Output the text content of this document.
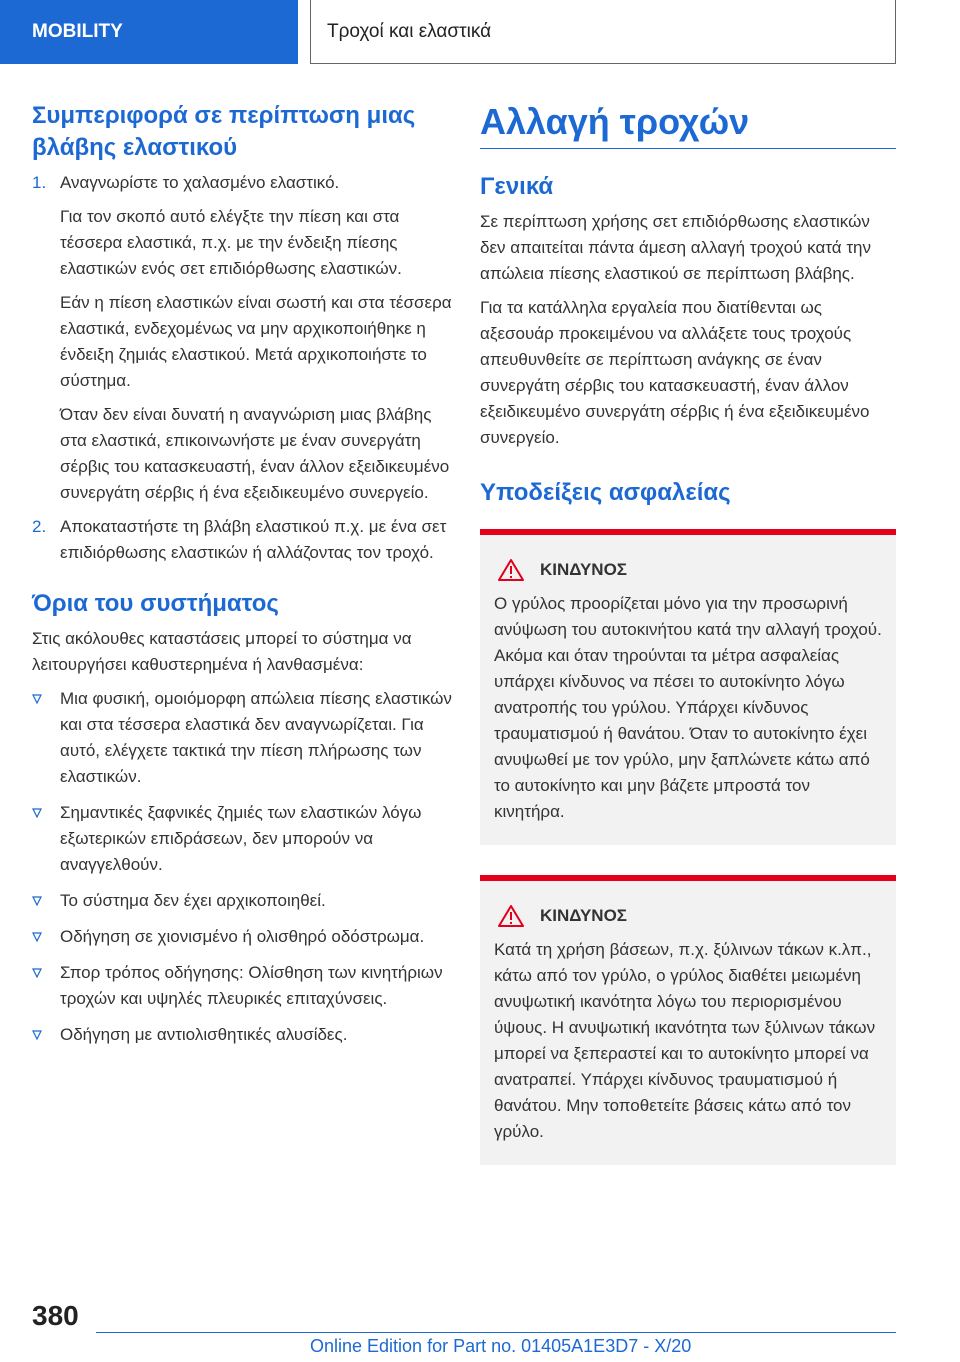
MOBILITY	Τροχοί και ελαστικά
Συμπεριφορά σε περίπτωση μιας βλάβης ελαστικού
1. Αναγνωρίστε το χαλασμένο ελαστικό.

Για τον σκοπό αυτό ελέγξτε την πίεση και στα τέσσερα ελαστικά, π.χ. με την ένδειξη πίεσης ελαστικών ενός σετ επιδιόρθωσης ελαστικών.

Εάν η πίεση ελαστικών είναι σωστή και στα τέσσερα ελαστικά, ενδεχομένως να μην αρχικοποιήθηκε η ένδειξη ζημιάς ελαστικού. Μετά αρχικοποιήστε το σύστημα.

Όταν δεν είναι δυνατή η αναγνώριση μιας βλάβης στα ελαστικά, επικοινωνήστε με έναν συνεργάτη σέρβις του κατασκευαστή, έναν άλλον εξειδικευμένο συνεργάτη σέρβις ή ένα εξειδικευμένο συνεργείο.

2. Αποκαταστήστε τη βλάβη ελαστικού π.χ. με ένα σετ επιδιόρθωσης ελαστικών ή αλλάζοντας τον τροχό.

Όρια του συστήματος

Στις ακόλουθες καταστάσεις μπορεί το σύστημα να λειτουργήσει καθυστερημένα ή λανθασμένα:

Μια φυσική, ομοιόμορφη απώλεια πίεσης ελαστικών και στα τέσσερα ελαστικά δεν αναγνωρίζεται. Για αυτό, ελέγχετε τακτικά την πίεση πλήρωσης των ελαστικών.
Σημαντικές ξαφνικές ζημιές των ελαστικών λόγω εξωτερικών επιδράσεων, δεν μπορούν να αναγγελθούν.
Το σύστημα δεν έχει αρχικοποιηθεί.
Οδήγηση σε χιονισμένο ή ολισθηρό οδόστρωμα.
Σπορ τρόπος οδήγησης: Ολίσθηση των κινητήριων τροχών και υψηλές πλευρικές επιταχύνσεις.
Οδήγηση με αντιολισθητικές αλυσίδες.
Αλλαγή τροχών
Γενικά

Σε περίπτωση χρήσης σετ επιδιόρθωσης ελαστικών δεν απαιτείται πάντα άμεση αλλαγή τροχού κατά την απώλεια πίεσης ελαστικού σε περίπτωση βλάβης.

Για τα κατάλληλα εργαλεία που διατίθενται ως αξεσουάρ προκειμένου να αλλάξετε τους τροχούς απευθυνθείτε σε περίπτωση ανάγκης σε έναν συνεργάτη σέρβις του κατασκευαστή, έναν άλλον εξειδικευμένο συνεργάτη σέρβις ή ένα εξειδικευμένο συνεργείο.

Υποδείξεις ασφαλείας
ΚΙΝΔΥΝΟΣ

Ο γρύλος προορίζεται μόνο για την προσωρινή ανύψωση του αυτοκινήτου κατά την αλλαγή τροχού. Ακόμα και όταν τηρούνται τα μέτρα ασφαλείας υπάρχει κίνδυνος να πέσει το αυτοκίνητο λόγω ανατροπής του γρύλου. Υπάρχει κίνδυνος τραυματισμού ή θανάτου. Όταν το αυτοκίνητο έχει ανυψωθεί με τον γρύλο, μην ξαπλώνετε κάτω από το αυτοκίνητο και μην βάζετε μπροστά τον κινητήρα.

ΚΙΝΔΥΝΟΣ

Κατά τη χρήση βάσεων, π.χ. ξύλινων τάκων κ.λπ., κάτω από τον γρύλο, ο γρύλος διαθέτει μειωμένη ανυψωτική ικανότητα λόγω του περιορισμένου ύψους. Η ανυψωτική ικανότητα των ξύλινων τάκων μπορεί να ξεπεραστεί και το αυτοκίνητο μπορεί να ανατραπεί. Υπάρχει κίνδυνος τραυματισμού ή θανάτου. Μην τοποθετείτε βάσεις κάτω από τον γρύλο.

380
Online Edition for Part no. 01405A1E3D7 - X/20
